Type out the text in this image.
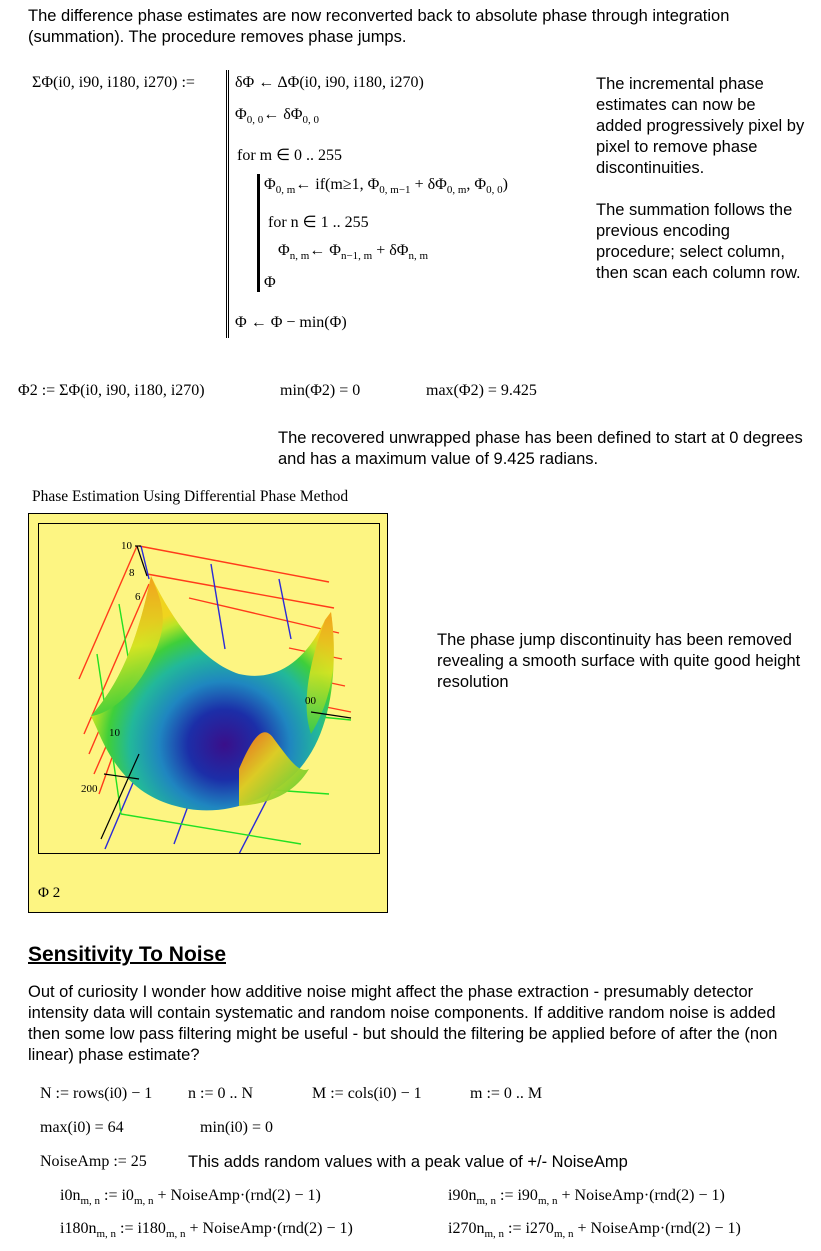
The difference phase estimates are now reconverted back to absolute phase through integration (summation). The procedure removes phase jumps.
ΣΦ(i0, i90, i180, i270) :=	δΦ ← ΔΦ(i0, i90, i180, i270)
$\Phi_{0, 0}\leftarrow$ $\delta\Phi_{0, 0}$
for m ∈ 0 .. 255
$\Phi_{0, m}\leftarrow$ if(m≥1, $\Phi_{0, m-1} + \delta\Phi_{0, m}$, $\Phi_{0, 0}$)
for n ∈ 1 .. 255
$\Phi_{n, m}\leftarrow$ $\Phi_{n-1, m} + \delta\Phi_{n, m}$
Φ
Φ ← Φ − min(Φ)

The incremental phase estimates can now be added progressively pixel by pixel to remove phase discontinuities.

The summation follows the previous encoding procedure; select column, then scan each column row.

Φ2 := ΣΦ(i0, i90, i180, i270)	min(Φ2) = 0	max(Φ2) = 9.425
The recovered unwrapped phase has been defined to start at 0 degrees and has a maximum value of 9.425 radians.
Phase Estimation Using Differential Phase Method
10
8
6
200
10
00
Φ 2
The phase jump discontinuity has been removed revealing a smooth surface with quite good height resolution
Sensitivity To Noise
Out of curiosity I wonder how additive noise might affect the phase extraction - presumably detector intensity data will contain systematic and random noise components. If additive random noise is added then some low pass filtering might be useful - but should the filtering be applied before of after the (non linear) phase estimate?
N := rows(i0) − 1 n := 0 .. N	M := cols(i0) − 1	m := 0 .. M
max(i0) = 64	min(i0) = 0
NoiseAmp := 25 This adds random values with a peak value of +/- NoiseAmp
$i0n_{m, n}$ := $i0_{m, n}$ + NoiseAmp·(rnd(2) − 1)	$i90n_{m, n}$ := $i90_{m, n}$ + NoiseAmp·(rnd(2) − 1)
$i180n_{m, n}$ := $i180_{m, n}$ + NoiseAmp·(rnd(2) − 1)	$i270n_{m, n}$ := $i270_{m, n}$ + NoiseAmp·(rnd(2) − 1)
